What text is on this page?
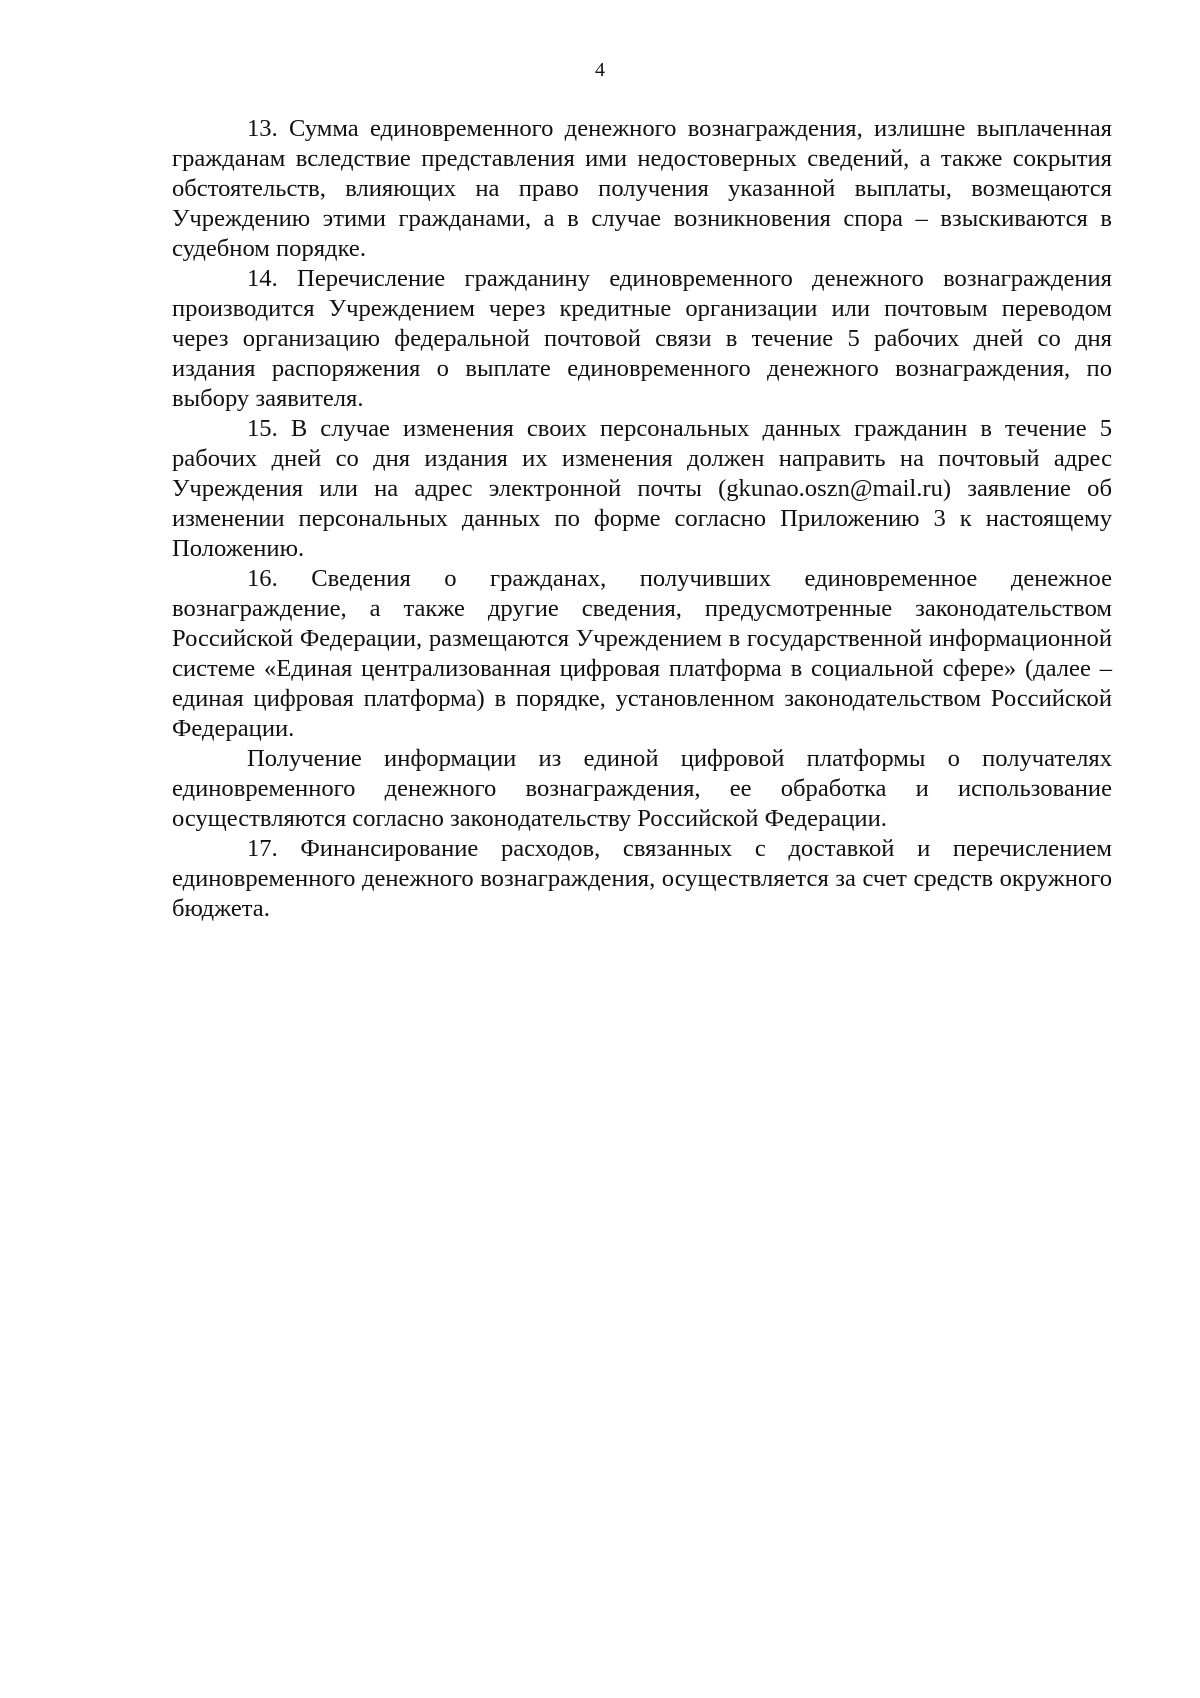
4

13. Сумма единовременного денежного вознаграждения, излишне выплаченная гражданам вследствие представления ими недостоверных сведений, а также сокрытия обстоятельств, влияющих на право получения указанной выплаты, возмещаются Учреждению этими гражданами, а в случае возникновения спора – взыскиваются в судебном порядке.

14. Перечисление гражданину единовременного денежного вознаграждения производится Учреждением через кредитные организации или почтовым переводом через организацию федеральной почтовой связи в течение 5 рабочих дней со дня издания распоряжения о выплате единовременного денежного вознаграждения, по выбору заявителя.

15. В случае изменения своих персональных данных гражданин в течение 5 рабочих дней со дня издания их изменения должен направить на почтовый адрес Учреждения или на адрес электронной почты (gkunao.oszn@mail.ru) заявление об изменении персональных данных по форме согласно Приложению 3 к настоящему Положению.

16. Сведения о гражданах, получивших единовременное денежное вознаграждение, а также другие сведения, предусмотренные законодательством Российской Федерации, размещаются Учреждением в государственной информационной системе «Единая централизованная цифровая платформа в социальной сфере» (далее – единая цифровая платформа) в порядке, установленном законодательством Российской Федерации.

Получение информации из единой цифровой платформы о получателях единовременного денежного вознаграждения, ее обработка и использование осуществляются согласно законодательству Российской Федерации.

17. Финансирование расходов, связанных с доставкой и перечислением единовременного денежного вознаграждения, осуществляется за счет средств окружного бюджета.
